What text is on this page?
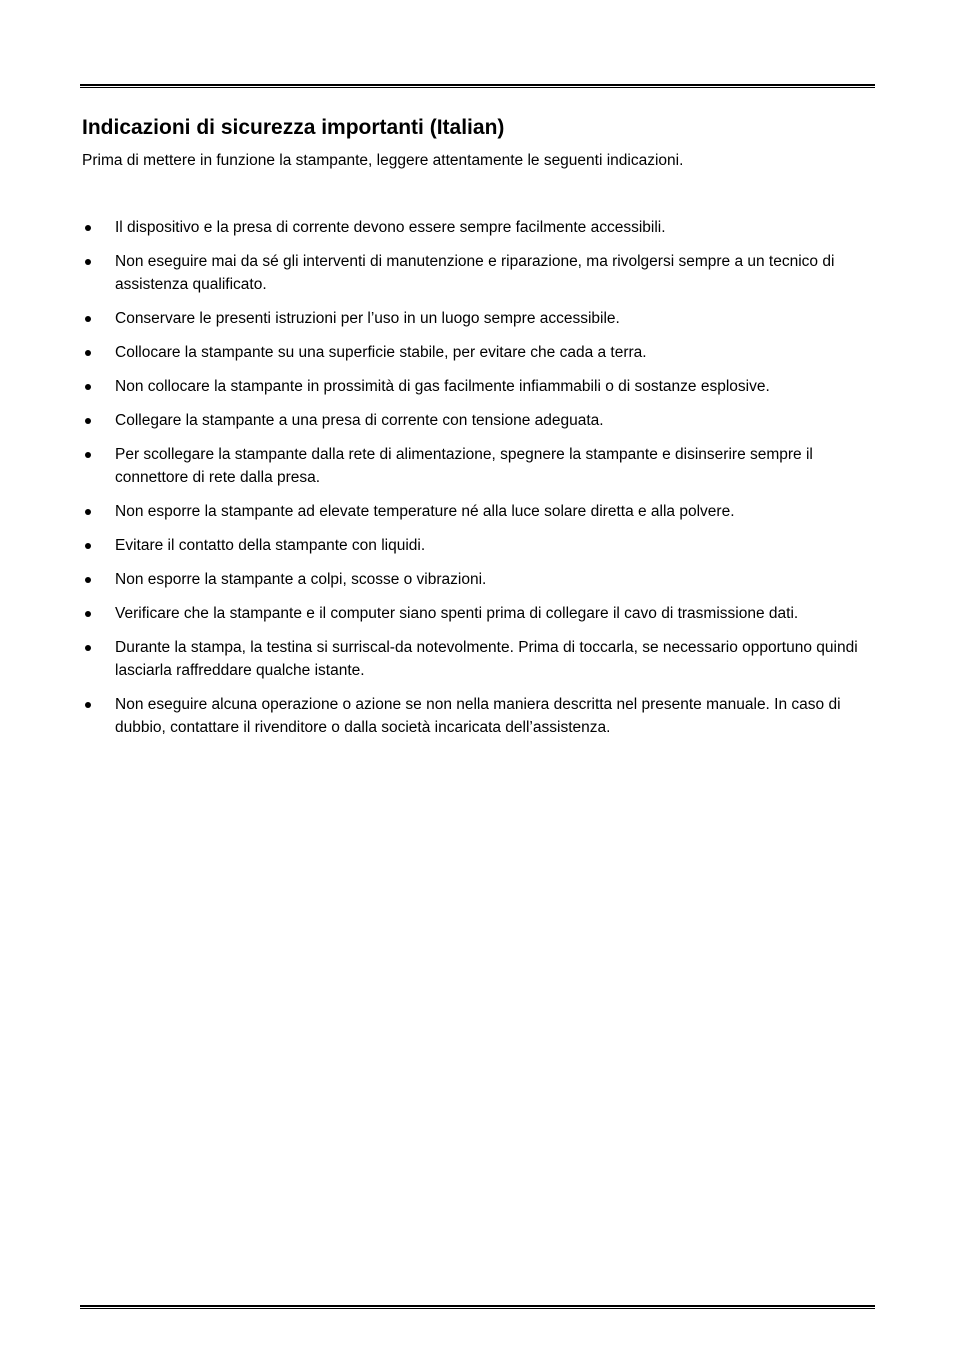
Indicazioni di sicurezza importanti (Italian)

Prima di mettere in funzione la stampante, leggere attentamente le seguenti indicazioni.

Il dispositivo e la presa di corrente devono essere sempre facilmente accessibili.
Non eseguire mai da sé gli interventi di manutenzione e riparazione, ma rivolgersi sempre a un tecnico di assistenza qualificato.
Conservare le presenti istruzioni per l’uso in un luogo sempre accessibile.
Collocare la stampante su una superficie stabile, per evitare che cada a terra.
Non collocare la stampante in prossimità di gas facilmente infiammabili o di sostanze esplosive.
Collegare la stampante a una presa di corrente con tensione adeguata.
Per scollegare la stampante dalla rete di alimentazione, spegnere la stampante e disinserire sempre il connettore di rete dalla presa.
Non esporre la stampante ad elevate temperature né alla luce solare diretta e alla polvere.
Evitare il contatto della stampante con liquidi.
Non esporre la stampante a colpi, scosse o vibrazioni.
Verificare che la stampante e il computer siano spenti prima di collegare il cavo di trasmissione dati.
Durante la stampa, la testina si surriscal-da notevolmente. Prima di toccarla, se necessario opportuno quindi lasciarla raffreddare qualche istante.
Non eseguire alcuna operazione o azione se non nella maniera descritta nel presente manuale. In caso di dubbio, contattare il rivenditore o dalla società incaricata dell’assistenza.
